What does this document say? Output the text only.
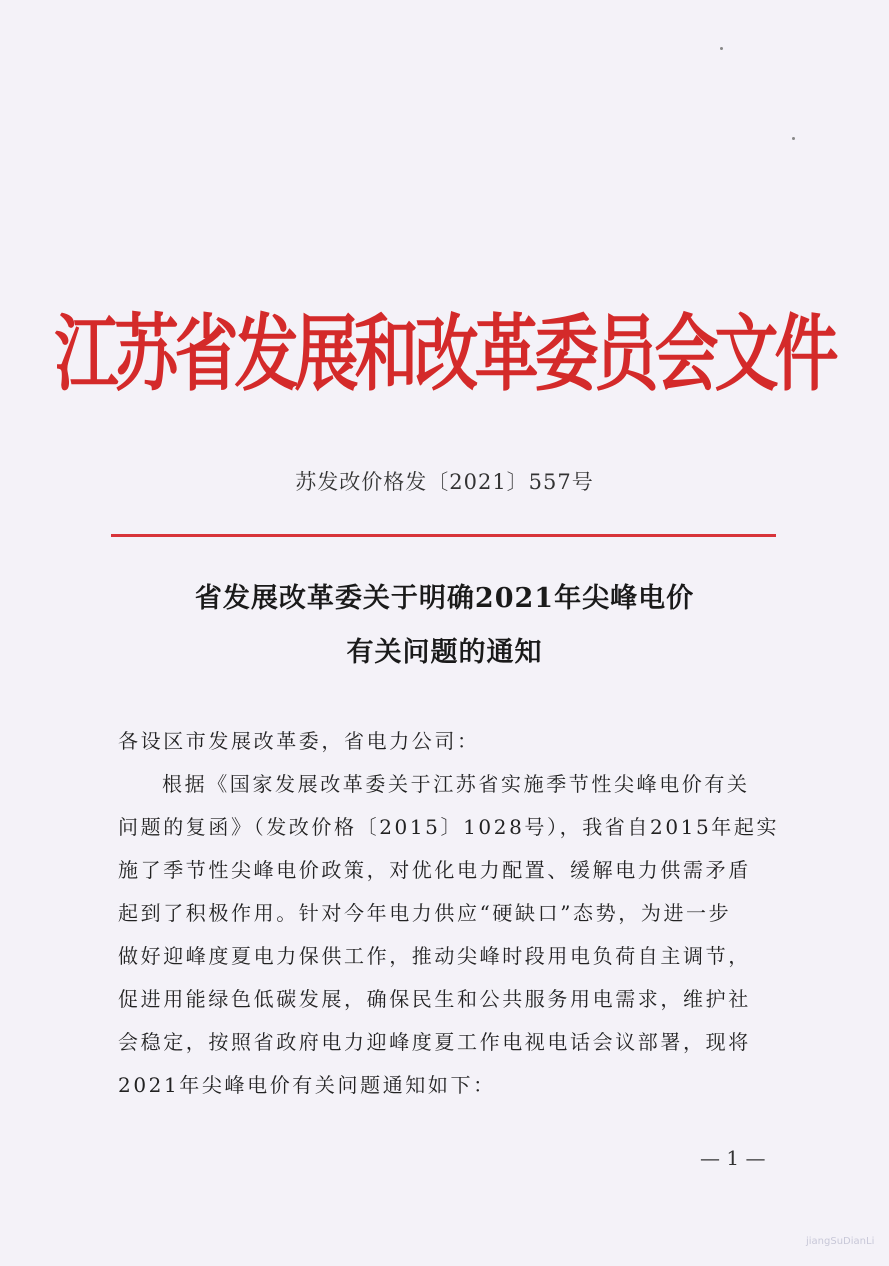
江苏省发展和改革委员会文件
苏发改价格发〔2021〕557号
省发展改革委关于明确2021年尖峰电价
有关问题的通知
各设区市发展改革委，省电力公司：
根据《国家发展改革委关于江苏省实施季节性尖峰电价有关
问题的复函》（发改价格〔2015〕1028号），我省自2015年起实
施了季节性尖峰电价政策，对优化电力配置、缓解电力供需矛盾
起到了积极作用。针对今年电力供应“硬缺口”态势，为进一步
做好迎峰度夏电力保供工作，推动尖峰时段用电负荷自主调节，
促进用能绿色低碳发展，确保民生和公共服务用电需求，维护社
会稳定，按照省政府电力迎峰度夏工作电视电话会议部署，现将
2021年尖峰电价有关问题通知如下：
— 1 —
jiangSuDianLi
